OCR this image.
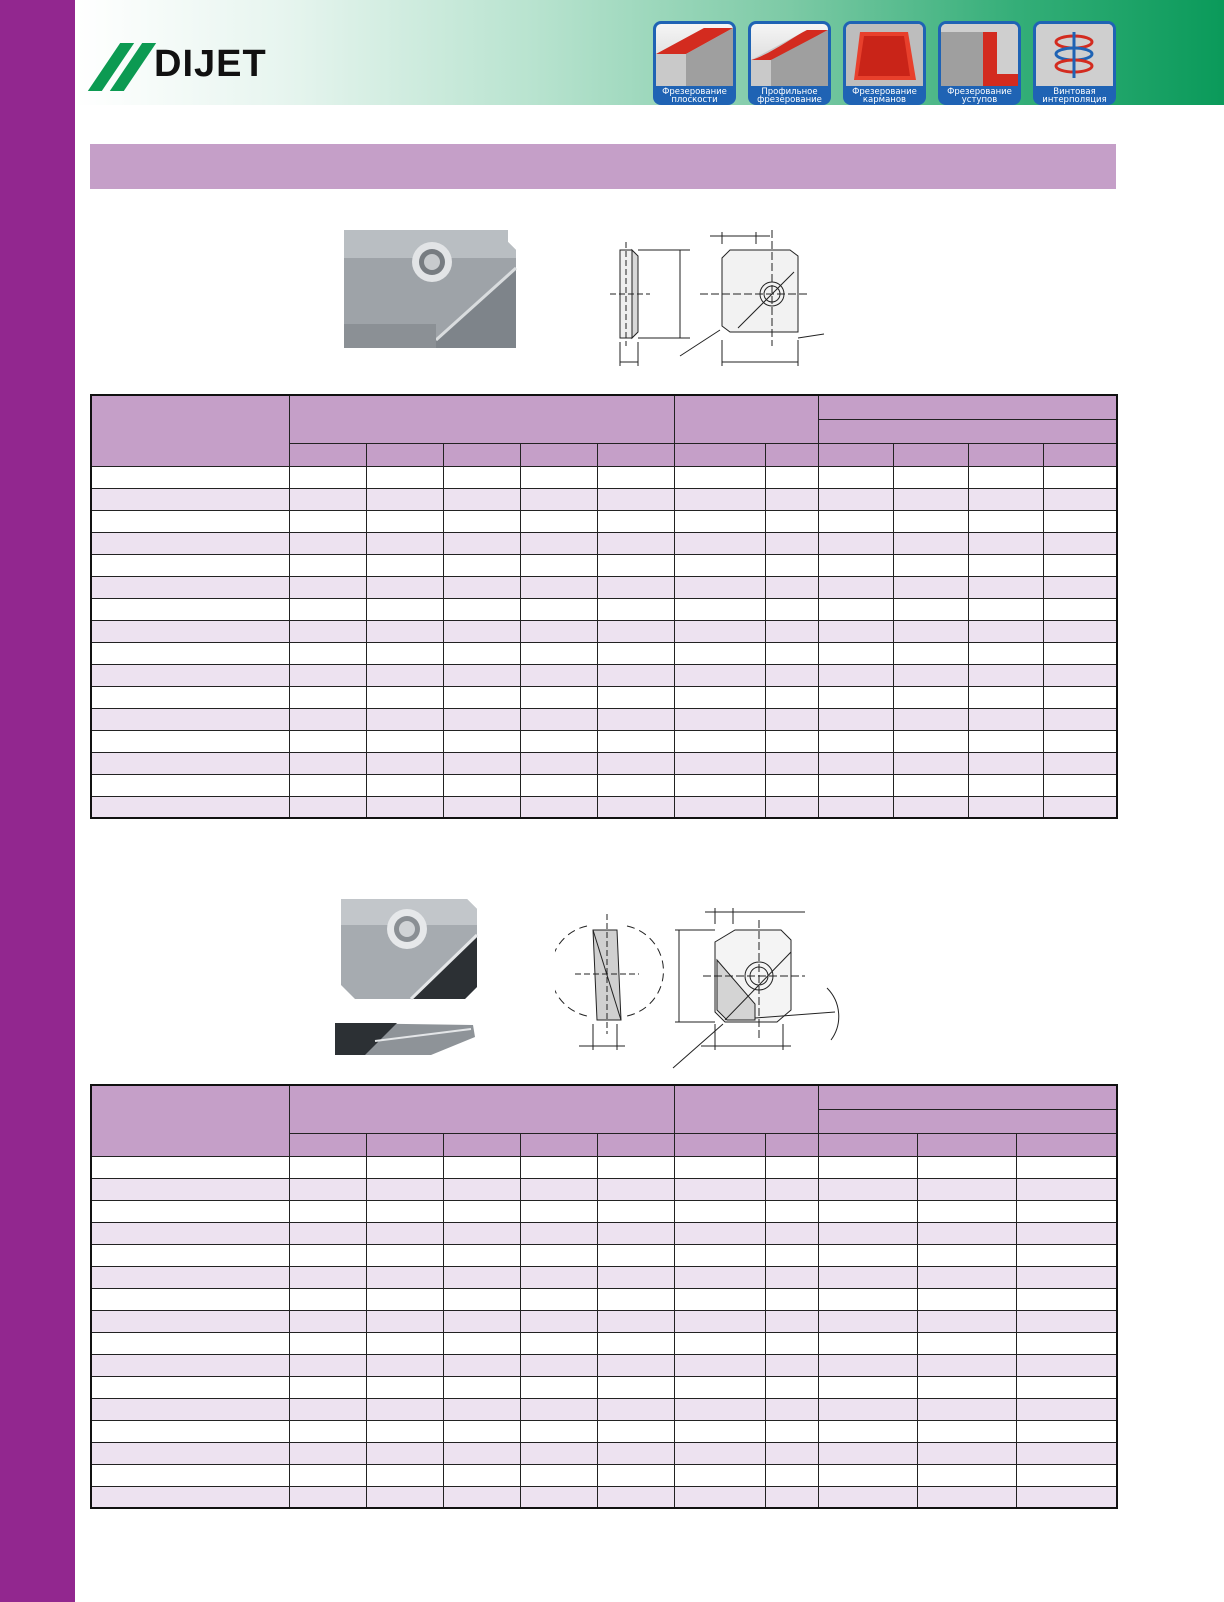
DIJET
Фрезерование плоскости
Профильное фрезерование
Фрезерование карманов
Фрезерование уступов
Винтовая интерполяция
